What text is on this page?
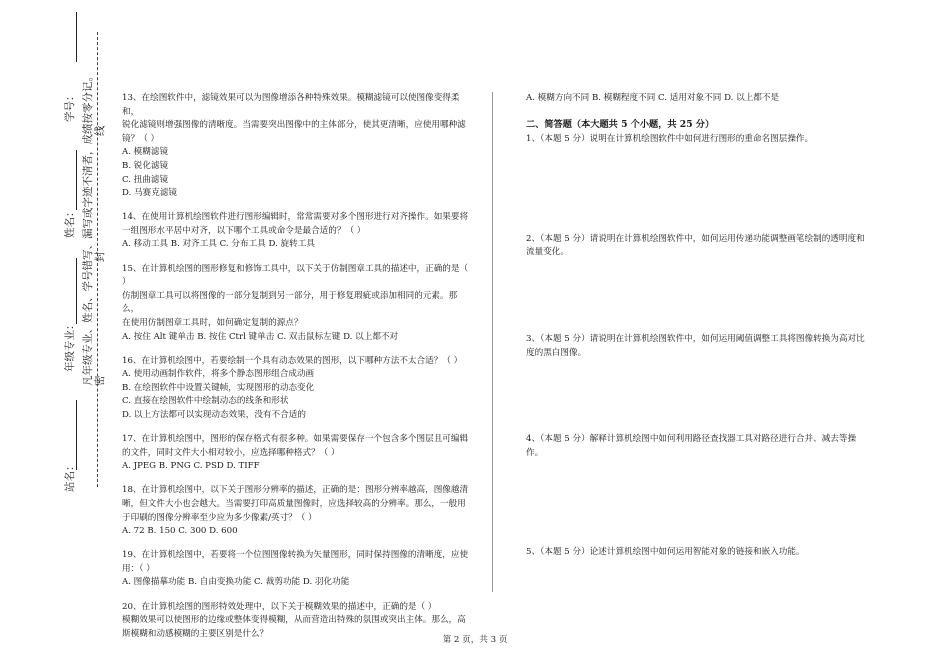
学号：
姓名：
年级专业：
站名：
凡年级专业、姓名、学号错写、漏写或字迹不清者，成绩按零分记。 线
封
密

13、在绘图软件中，滤镜效果可以为图像增添各种特殊效果。模糊滤镜可以使图像变得柔和，

锐化滤镜则增强图像的清晰度。当需要突出图像中的主体部分，使其更清晰，应使用哪种滤

镜？（ ）

A. 模糊滤镜

B. 锐化滤镜

C. 扭曲滤镜

D. 马赛克滤镜

14、在使用计算机绘图软件进行图形编辑时，常常需要对多个图形进行对齐操作。如果要将

一组图形水平居中对齐，以下哪个工具或命令是最合适的？（ ）

A. 移动工具 B. 对齐工具 C. 分布工具 D. 旋转工具

15、在计算机绘图的图形修复和修饰工具中，以下关于仿制图章工具的描述中，正确的是（

）

仿制图章工具可以将图像的一部分复制到另一部分，用于修复瑕疵或添加相同的元素。那么，

在使用仿制图章工具时，如何确定复制的源点？

A. 按住 Alt 键单击 B. 按住 Ctrl 键单击 C. 双击鼠标左键 D. 以上都不对

16、在计算机绘图中，若要绘制一个具有动态效果的图形，以下哪种方法不太合适？（ ）

A. 使用动画制作软件，将多个静态图形组合成动画

B. 在绘图软件中设置关键帧，实现图形的动态变化

C. 直接在绘图软件中绘制动态的线条和形状

D. 以上方法都可以实现动态效果，没有不合适的

17、在计算机绘图中，图形的保存格式有很多种。如果需要保存一个包含多个图层且可编辑

的文件，同时文件大小相对较小，应选择哪种格式？（ ）

A. JPEG B. PNG C. PSD D. TIFF

18、在计算机绘图中，以下关于图形分辨率的描述，正确的是：图形分辨率越高，图像越清

晰，但文件大小也会越大。当需要打印高质量图像时，应选择较高的分辨率。那么，一般用

于印刷的图像分辨率至少应为多少像素/英寸？（ ）

A. 72 B. 150 C. 300 D. 600

19、在计算机绘图中，若要将一个位图图像转换为矢量图形，同时保持图像的清晰度，应使

用：（ ）

A. 图像描摹功能 B. 自由变换功能 C. 裁剪功能 D. 羽化功能

20、在计算机绘图的图形特效处理中，以下关于模糊效果的描述中，正确的是（ ）

模糊效果可以使图形的边缘或整体变得模糊，从而营造出特殊的氛围或突出主体。那么，高

斯模糊和动感模糊的主要区别是什么？

A. 模糊方向不同 B. 模糊程度不同 C. 适用对象不同 D. 以上都不是

二、简答题（本大题共 5 个小题，共 25 分）

1、（本题 5 分）说明在计算机绘图软件中如何进行图形的重命名图层操作。

2、（本题 5 分）请说明在计算机绘图软件中，如何运用传递功能调整画笔绘制的透明度和

流量变化。

3、（本题 5 分）请说明在计算机绘图软件中，如何运用阈值调整工具将图像转换为高对比

度的黑白图像。

4、（本题 5 分）解释计算机绘图中如何利用路径查找器工具对路径进行合并、减去等操作。

5、（本题 5 分）论述计算机绘图中如何运用智能对象的链接和嵌入功能。

第 2 页，共 3 页
